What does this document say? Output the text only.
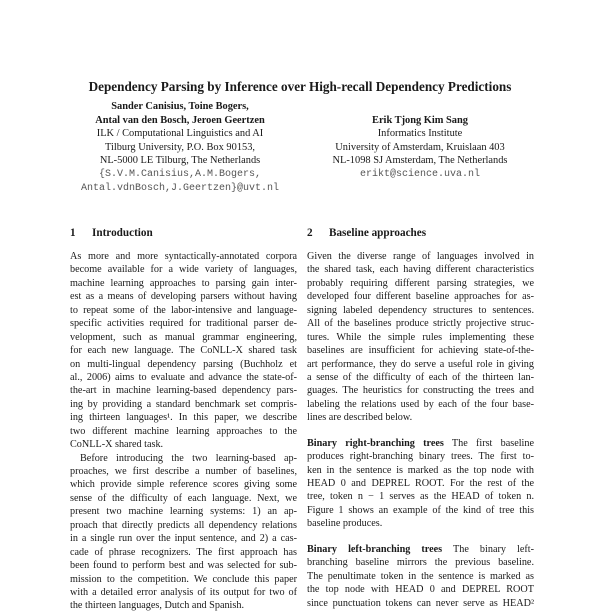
Dependency Parsing by Inference over High-recall Dependency Predictions
Sander Canisius, Toine Bogers,
Antal van den Bosch, Jeroen Geertzen
ILK / Computational Linguistics and AI
Tilburg University, P.O. Box 90153,
NL-5000 LE Tilburg, The Netherlands
{S.V.M.Canisius,A.M.Bogers,
Antal.vdnBosch,J.Geertzen}@uvt.nl
Erik Tjong Kim Sang
Informatics Institute
University of Amsterdam, Kruislaan 403
NL-1098 SJ Amsterdam, The Netherlands
erikt@science.uva.nl
1 Introduction
As more and more syntactically-annotated corpora
become available for a wide variety of languages,
machine learning approaches to parsing gain inter-
est as a means of developing parsers without having
to repeat some of the labor-intensive and language-
specific activities required for traditional parser de-
velopment, such as manual grammar engineering,
for each new language. The CoNLL-X shared task
on multi-lingual dependency parsing (Buchholz et
al., 2006) aims to evaluate and advance the state-of-
the-art in machine learning-based dependency pars-
ing by providing a standard benchmark set compris-
ing thirteen languages¹. In this paper, we describe
two different machine learning approaches to the
CoNLL-X shared task.
Before introducing the two learning-based ap-
proaches, we first describe a number of baselines,
which provide simple reference scores giving some
sense of the difficulty of each language. Next, we
present two machine learning systems: 1) an ap-
proach that directly predicts all dependency relations
in a single run over the input sentence, and 2) a cas-
cade of phrase recognizers. The first approach has
been found to perform best and was selected for sub-
mission to the competition. We conclude this paper
with a detailed error analysis of its output for two of
the thirteen languages, Dutch and Spanish.
2 Baseline approaches
Given the diverse range of languages involved in
the shared task, each having different characteristics
probably requiring different parsing strategies, we
developed four different baseline approaches for as-
signing labeled dependency structures to sentences.
All of the baselines produce strictly projective struc-
tures. While the simple rules implementing these
baselines are insufficient for achieving state-of-the-
art performance, they do serve a useful role in giving
a sense of the difficulty of each of the thirteen lan-
guages. The heuristics for constructing the trees and
labeling the relations used by each of the four base-
lines are described below.
Binary right-branching trees The first baseline
produces right-branching binary trees. The first to-
ken in the sentence is marked as the top node with
HEAD 0 and DEPREL ROOT. For the rest of the
tree, token n − 1 serves as the HEAD of token n.
Figure 1 shows an example of the kind of tree this
baseline produces.
Binary left-branching trees The binary left-
branching baseline mirrors the previous baseline.
The penultimate token in the sentence is marked as
the top node with HEAD 0 and DEPREL ROOT
since punctuation tokens can never serve as HEAD²
